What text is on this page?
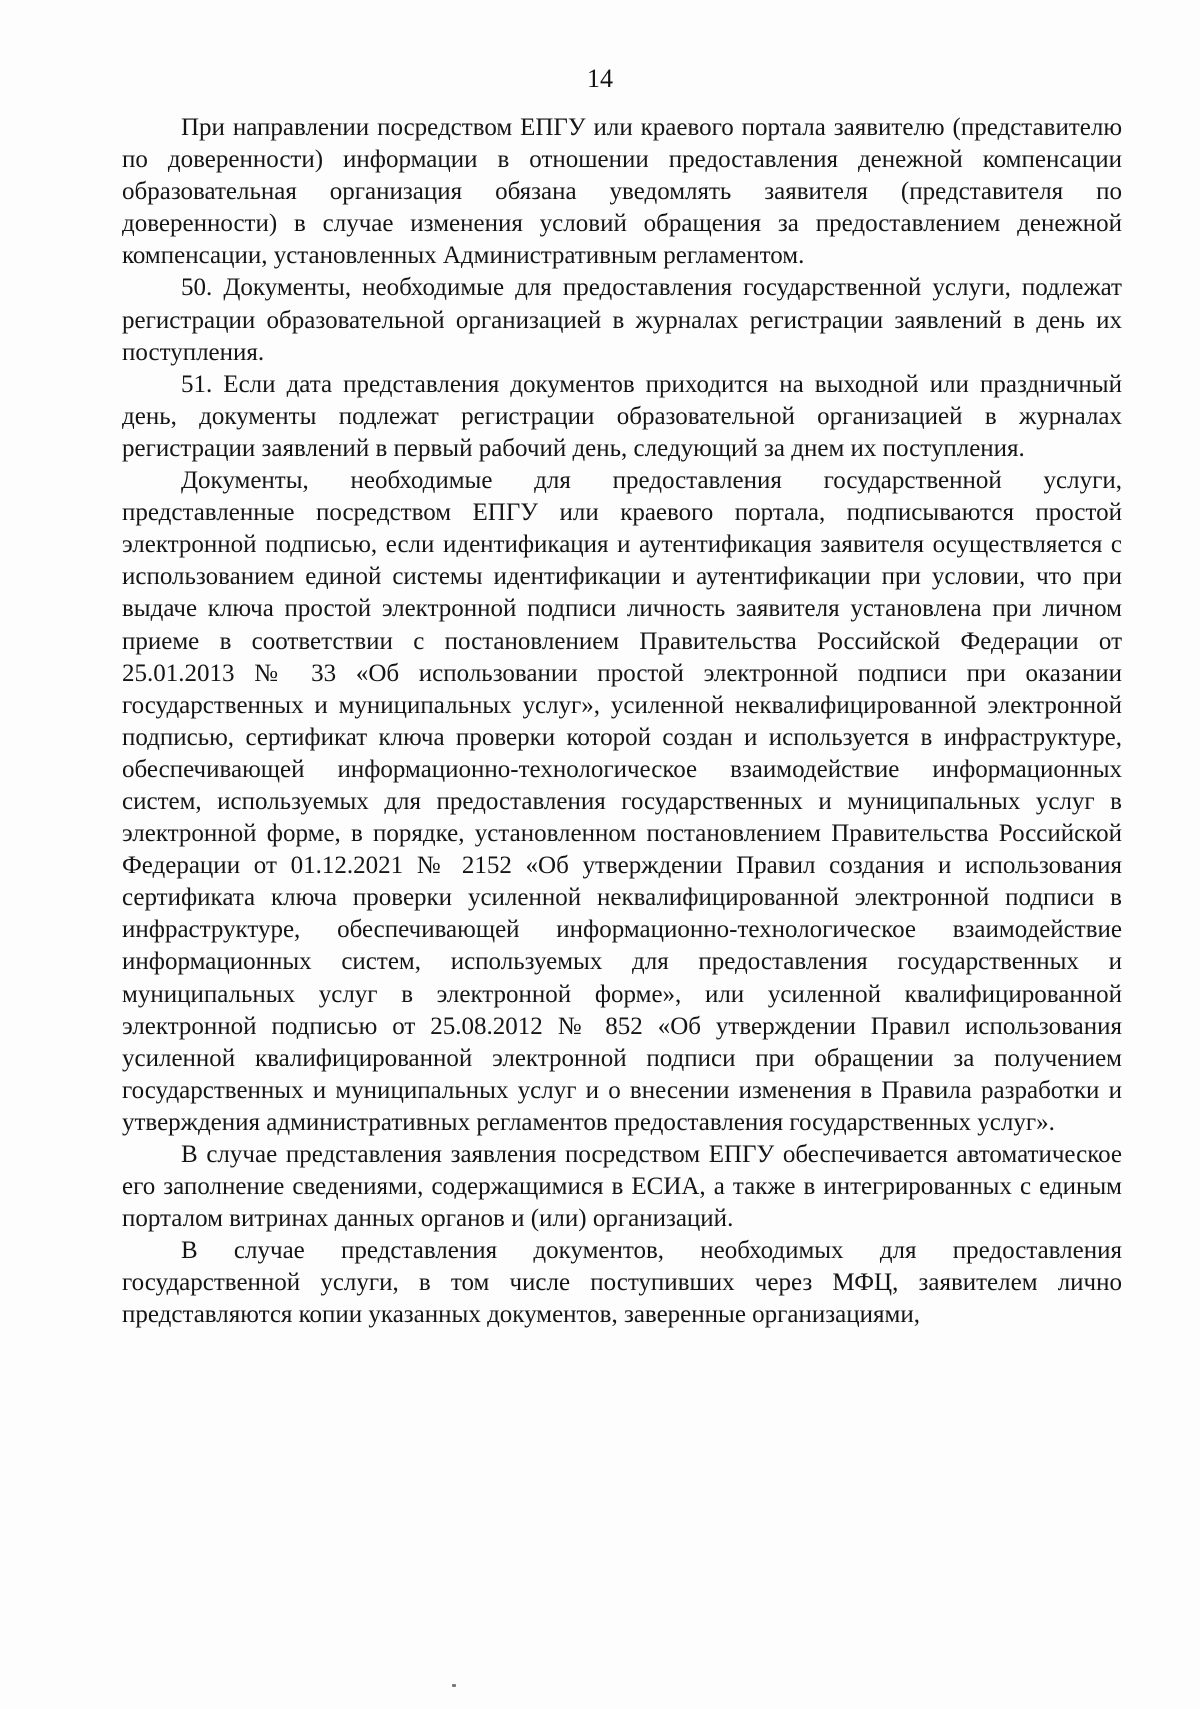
14

При направлении посредством ЕПГУ или краевого портала заявителю (представителю по доверенности) информации в отношении предоставления денежной компенсации образовательная организация обязана уведомлять заявителя (представителя по доверенности) в случае изменения условий обращения за предоставлением денежной компенсации, установленных Административным регламентом.

50. Документы, необходимые для предоставления государственной услуги, подлежат регистрации образовательной организацией в журналах регистрации заявлений в день их поступления.

51. Если дата представления документов приходится на выходной или праздничный день, документы подлежат регистрации образовательной организацией в журналах регистрации заявлений в первый рабочий день, следующий за днем их поступления.

Документы, необходимые для предоставления государственной услуги, представленные посредством ЕПГУ или краевого портала, подписываются простой электронной подписью, если идентификация и аутентификация заявителя осуществляется с использованием единой системы идентификации и аутентификации при условии, что при выдаче ключа простой электронной подписи личность заявителя установлена при личном приеме в соответствии с постановлением Правительства Российской Федерации от 25.01.2013 № 33 «Об использовании простой электронной подписи при оказании государственных и муниципальных услуг», усиленной неквалифицированной электронной подписью, сертификат ключа проверки которой создан и используется в инфраструктуре, обеспечивающей информационно-технологическое взаимодействие информационных систем, используемых для предоставления государственных и муниципальных услуг в электронной форме, в порядке, установленном постановлением Правительства Российской Федерации от 01.12.2021 № 2152 «Об утверждении Правил создания и использования сертификата ключа проверки усиленной неквалифицированной электронной подписи в инфраструктуре, обеспечивающей информационно-технологическое взаимодействие информационных систем, используемых для предоставления государственных и муниципальных услуг в электронной форме», или усиленной квалифицированной электронной подписью от 25.08.2012 № 852 «Об утверждении Правил использования усиленной квалифицированной электронной подписи при обращении за получением государственных и муниципальных услуг и о внесении изменения в Правила разработки и утверждения административных регламентов предоставления государственных услуг».

В случае представления заявления посредством ЕПГУ обеспечивается автоматическое его заполнение сведениями, содержащимися в ЕСИА, а также в интегрированных с единым порталом витринах данных органов и (или) организаций.

В случае представления документов, необходимых для предоставления государственной услуги, в том числе поступивших через МФЦ, заявителем лично представляются копии указанных документов, заверенные организациями,
